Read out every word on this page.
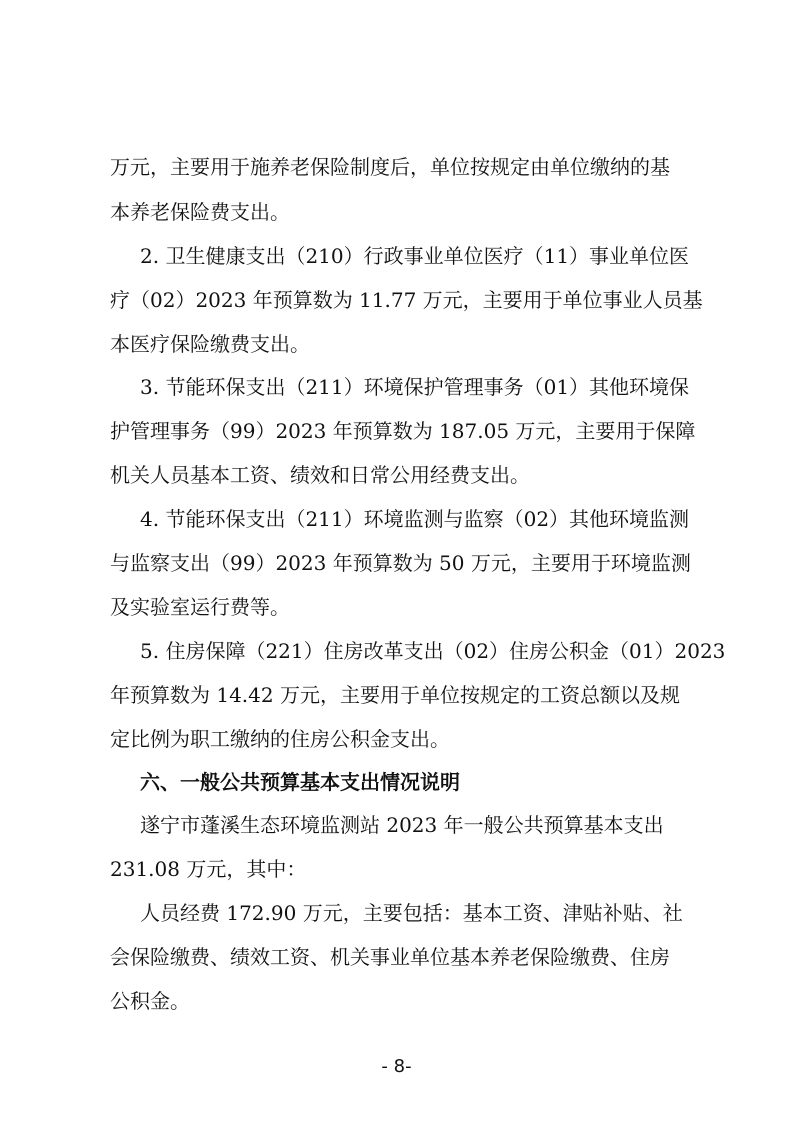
万元，主要用于施养老保险制度后，单位按规定由单位缴纳的基
本养老保险费支出。
2. 卫生健康支出（210）行政事业单位医疗（11）事业单位医
疗（02）2023 年预算数为 11.77 万元，主要用于单位事业人员基
本医疗保险缴费支出。
3. 节能环保支出（211）环境保护管理事务（01）其他环境保
护管理事务（99）2023 年预算数为 187.05 万元，主要用于保障
机关人员基本工资、绩效和日常公用经费支出。
4. 节能环保支出（211）环境监测与监察（02）其他环境监测
与监察支出（99）2023 年预算数为 50 万元，主要用于环境监测
及实验室运行费等。
5. 住房保障（221）住房改革支出（02）住房公积金（01）2023
年预算数为 14.42 万元，主要用于单位按规定的工资总额以及规
定比例为职工缴纳的住房公积金支出。
六、一般公共预算基本支出情况说明
遂宁市蓬溪生态环境监测站 2023 年一般公共预算基本支出
231.08 万元，其中：
人员经费 172.90 万元，主要包括：基本工资、津贴补贴、社
会保险缴费、绩效工资、机关事业单位基本养老保险缴费、住房
公积金。
- 8-
